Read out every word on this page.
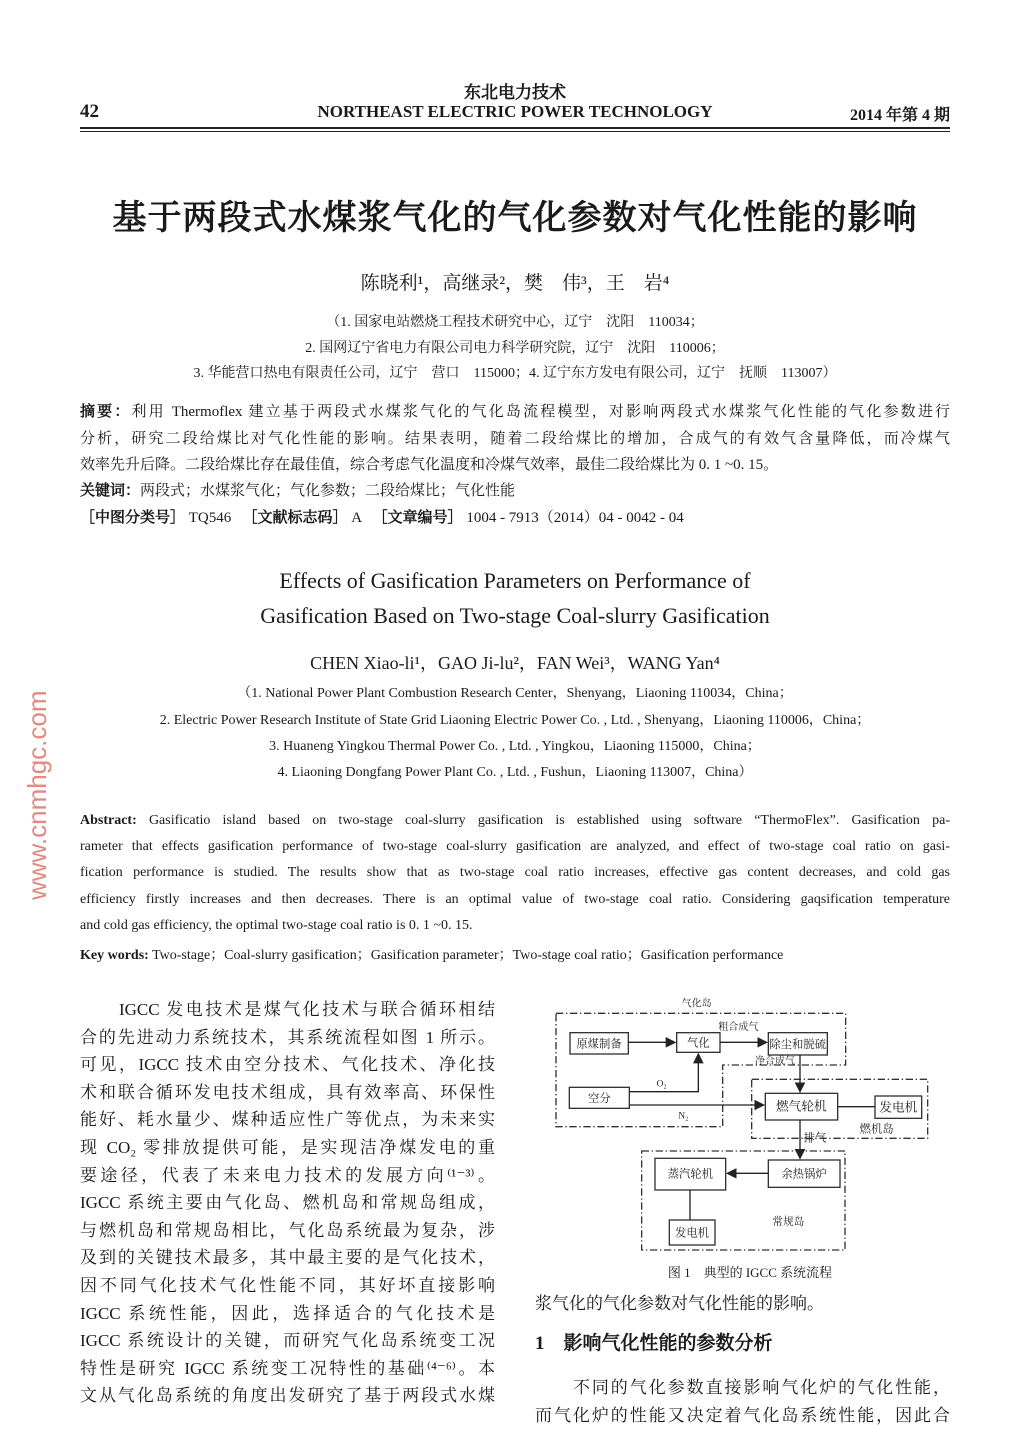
东北电力技术
42	NORTHEAST ELECTRIC POWER TECHNOLOGY	2014 年第 4 期
基于两段式水煤浆气化的气化参数对气化性能的影响
陈晓利¹，高继录²，樊　伟³，王　岩⁴
（1. 国家电站燃烧工程技术研究中心，辽宁　沈阳　110034；
2. 国网辽宁省电力有限公司电力科学研究院，辽宁　沈阳　110006；
3. 华能营口热电有限责任公司，辽宁　营口　115000；4. 辽宁东方发电有限公司，辽宁　抚顺　113007）
摘要：利用 Thermoflex 建立基于两段式水煤浆气化的气化岛流程模型，对影响两段式水煤浆气化性能的气化参数进行
分析，研究二段给煤比对气化性能的影响。结果表明，随着二段给煤比的增加，合成气的有效气含量降低，而冷煤气
效率先升后降。二段给煤比存在最佳值，综合考虑气化温度和冷煤气效率，最佳二段给煤比为 0. 1 ~0. 15。
关键词：两段式；水煤浆气化；气化参数；二段给煤比；气化性能
［中图分类号］ TQ546 ［文献标志码］ A ［文章编号］ 1004 - 7913（2014）04 - 0042 - 04
Effects of Gasification Parameters on Performance of
Gasification Based on Two-stage Coal-slurry Gasification
CHEN Xiao-li¹，GAO Ji-lu²，FAN Wei³，WANG Yan⁴
（1. National Power Plant Combustion Research Center，Shenyang，Liaoning 110034，China；
2. Electric Power Research Institute of State Grid Liaoning Electric Power Co. , Ltd. , Shenyang，Liaoning 110006，China；
3. Huaneng Yingkou Thermal Power Co. , Ltd. , Yingkou，Liaoning 115000，China；
4. Liaoning Dongfang Power Plant Co. , Ltd. , Fushun，Liaoning 113007，China）
Abstract: Gasificatio island based on two-stage coal-slurry gasification is established using software “ThermoFlex”. Gasification pa-
rameter that effects gasification performance of two-stage coal-slurry gasification are analyzed, and effect of two-stage coal ratio on gasi-
fication performance is studied. The results show that as two-stage coal ratio increases, effective gas content decreases, and cold gas
efficiency firstly increases and then decreases. There is an optimal value of two-stage coal ratio. Considering gaqsification temperature
and cold gas efficiency, the optimal two-stage coal ratio is 0. 1 ~0. 15.
Key words: Two-stage；Coal-slurry gasification；Gasification parameter；Two-stage coal ratio；Gasification performance
　　IGCC 发电技术是煤气化技术与联合循环相结
合的先进动力系统技术，其系统流程如图 1 所示。
可见，IGCC 技术由空分技术、气化技术、净化技
术和联合循环发电技术组成，具有效率高、环保性
能好、耗水量少、煤种适应性广等优点，为未来实
现 CO₂ 零排放提供可能，是实现洁净煤发电的重
要途径，代表了未来电力技术的发展方向⁽¹⁻³⁾。
IGCC 系统主要由气化岛、燃机岛和常规岛组成，
与燃机岛和常规岛相比，气化岛系统最为复杂，涉
及到的关键技术最多，其中最主要的是气化技术，
因不同气化技术气化性能不同，其好坏直接影响
IGCC 系统性能，因此，选择适合的气化技术是
IGCC 系统设计的关键，而研究气化岛系统变工况
特性是研究 IGCC 系统变工况特性的基础⁽⁴⁻⁶⁾。本
文从气化岛系统的角度出发研究了基于两段式水煤
原煤制备 气化 除尘和脱硫
空分
燃气轮机 发电机
余热锅炉
蒸汽轮机
发电机
气化岛
燃机岛
常规岛
粗合成气
净合成气
O₂
N₂
排气
图 1　典型的 IGCC 系统流程
浆气化的气化参数对气化性能的影响。
1　影响气化性能的参数分析
　　不同的气化参数直接影响气化炉的气化性能，
而气化炉的性能又决定着气化岛系统性能，因此合
www.cnmhgc.com
